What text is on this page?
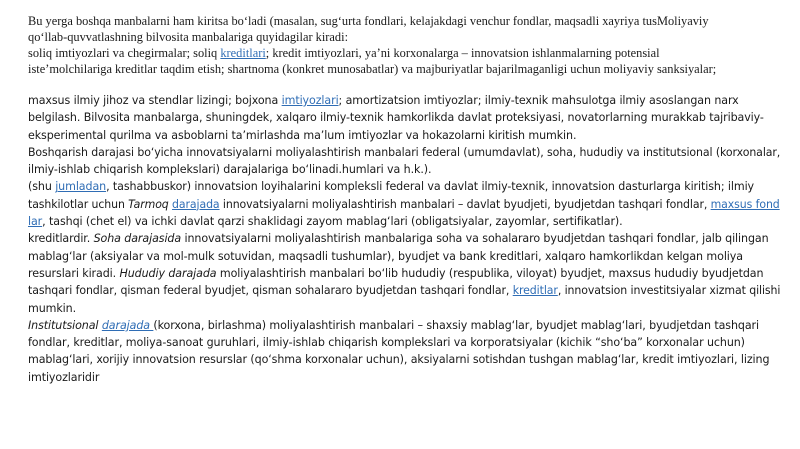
Bu yerga boshqa manbalarni ham kiritsa bo‘ladi (masalan, sug‘urta fondlari, kelajakdagi venchur fondlar, maqsadli xayriya tusMoliyaviy
qo‘llab-quvvatlashning bilvosita manbalariga quyidagilar kiradi:
soliq imtiyozlari va chegirmalar; soliq kreditlari; kredit imtiyozlari, ya’ni korxonalarga – innovatsion ishlanmalarning potensial
iste’molchilariga kreditlar taqdim etish; shartnoma (konkret munosabatlar) va majburiyatlar bajarilmaganligi uchun moliyaviy sanksiyalar;
maxsus ilmiy jihoz va stendlar lizingi; bojxona imtiyozlari; amortizatsion imtiyozlar; ilmiy-texnik mahsulotga ilmiy asoslangan narx
belgilash. Bilvosita manbalarga, shuningdek, xalqaro ilmiy-texnik hamkorlikda davlat proteksiyasi, novatorlarning murakkab tajribaviy-
eksperimental qurilma va asboblarni ta’mirlashda ma’lum imtiyozlar va hokazolarni kiritish mumkin.
Boshqarish darajasi bo‘yicha innovatsiyalarni moliyalashtirish manbalari federal (umumdavlat), soha, hududiy va institutsional (korxonalar,
ilmiy-ishlab chiqarish komplekslari) darajalariga bo‘linadi.humlari va h.k.).
(shu jumladan, tashabbuskor) innovatsion loyihalarini kompleksli federal va davlat ilmiy-texnik, innovatsion dasturlarga kiritish; ilmiy
tashkilotlar uchun Tarmoq darajada innovatsiyalarni moliyalashtirish manbalari – davlat byudjeti, byudjetdan tashqari fondlar, maxsus fond
lar, tashqi (chet el) va ichki davlat qarzi shaklidagi zayom mablag‘lari (obligatsiyalar, zayomlar, sertifikatlar).
kreditlardir. Soha darajasida innovatsiyalarni moliyalashtirish manbalariga soha va sohalararo byudjetdan tashqari fondlar, jalb qilingan
mablag‘lar (aksiyalar va mol-mulk sotuvidan, maqsadli tushumlar), byudjet va bank kreditlari, xalqaro hamkorlikdan kelgan moliya
resurslari kiradi. Hududiy darajada moliyalashtirish manbalari bo‘lib hududiy (respublika, viloyat) byudjet, maxsus hududiy byudjetdan
tashqari fondlar, qisman federal byudjet, qisman sohalararo byudjetdan tashqari fondlar, kreditlar, innovatsion investitsiyalar xizmat qilishi
mumkin.
Institutsional darajada (korxona, birlashma) moliyalashtirish manbalari – shaxsiy mablag‘lar, byudjet mablag‘lari, byudjetdan tashqari
fondlar, kreditlar, moliya-sanoat guruhlari, ilmiy-ishlab chiqarish komplekslari va korporatsiyalar (kichik “sho‘ba” korxonalar uchun)
mablag‘lari, xorijiy innovatsion resurslar (qo‘shma korxonalar uchun), aksiyalarni sotishdan tushgan mablag‘lar, kredit imtiyozlari, lizing
imtiyozlaridir
